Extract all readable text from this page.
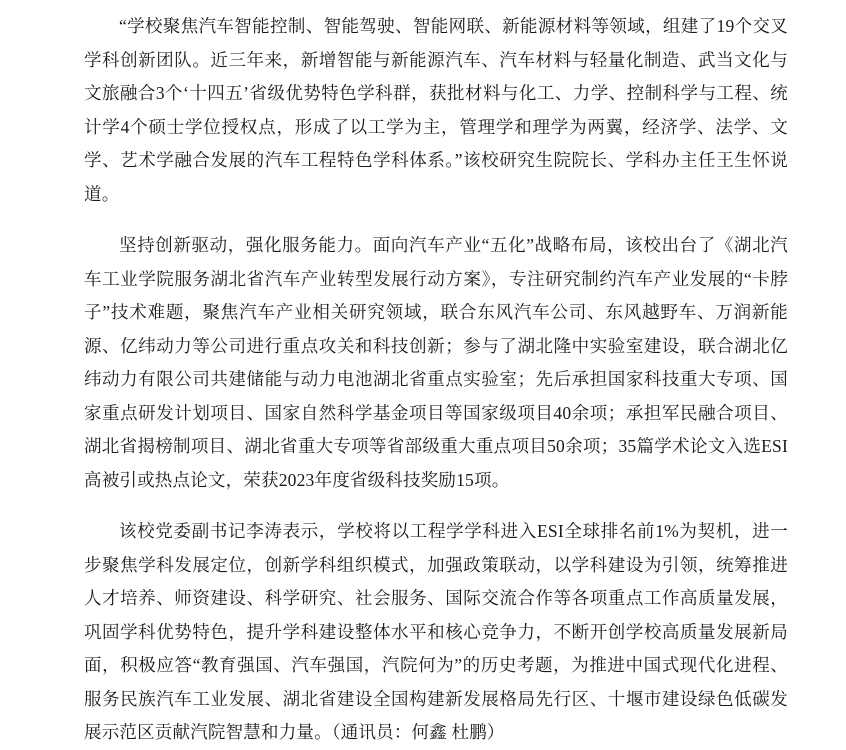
“学校聚焦汽车智能控制、智能驾驶、智能网联、新能源材料等领域，组建了19个交叉学科创新团队。近三年来，新增智能与新能源汽车、汽车材料与轻量化制造、武当文化与文旅融合3个‘十四五’省级优势特色学科群，获批材料与化工、力学、控制科学与工程、统计学4个硕士学位授权点，形成了以工学为主，管理学和理学为两翼，经济学、法学、文学、艺术学融合发展的汽车工程特色学科体系。”该校研究生院院长、学科办主任王生怀说道。

坚持创新驱动，强化服务能力。面向汽车产业“五化”战略布局，该校出台了《湖北汽车工业学院服务湖北省汽车产业转型发展行动方案》，专注研究制约汽车产业发展的“卡脖子”技术难题，聚焦汽车产业相关研究领域，联合东风汽车公司、东风越野车、万润新能源、亿纬动力等公司进行重点攻关和科技创新；参与了湖北隆中实验室建设，联合湖北亿纬动力有限公司共建储能与动力电池湖北省重点实验室；先后承担国家科技重大专项、国家重点研发计划项目、国家自然科学基金项目等国家级项目40余项；承担军民融合项目、湖北省揭榜制项目、湖北省重大专项等省部级重大重点项目50余项；35篇学术论文入选ESI高被引或热点论文，荣获2023年度省级科技奖励15项。

该校党委副书记李涛表示，学校将以工程学学科进入ESI全球排名前1%为契机，进一步聚焦学科发展定位，创新学科组织模式，加强政策联动，以学科建设为引领，统筹推进人才培养、师资建设、科学研究、社会服务、国际交流合作等各项重点工作高质量发展，巩固学科优势特色，提升学科建设整体水平和核心竞争力，不断开创学校高质量发展新局面，积极应答“教育强国、汽车强国，汽院何为”的历史考题，为推进中国式现代化进程、服务民族汽车工业发展、湖北省建设全国构建新发展格局先行区、十堰市建设绿色低碳发展示范区贡献汽院智慧和力量。（通讯员：何鑫 杜鹏）
